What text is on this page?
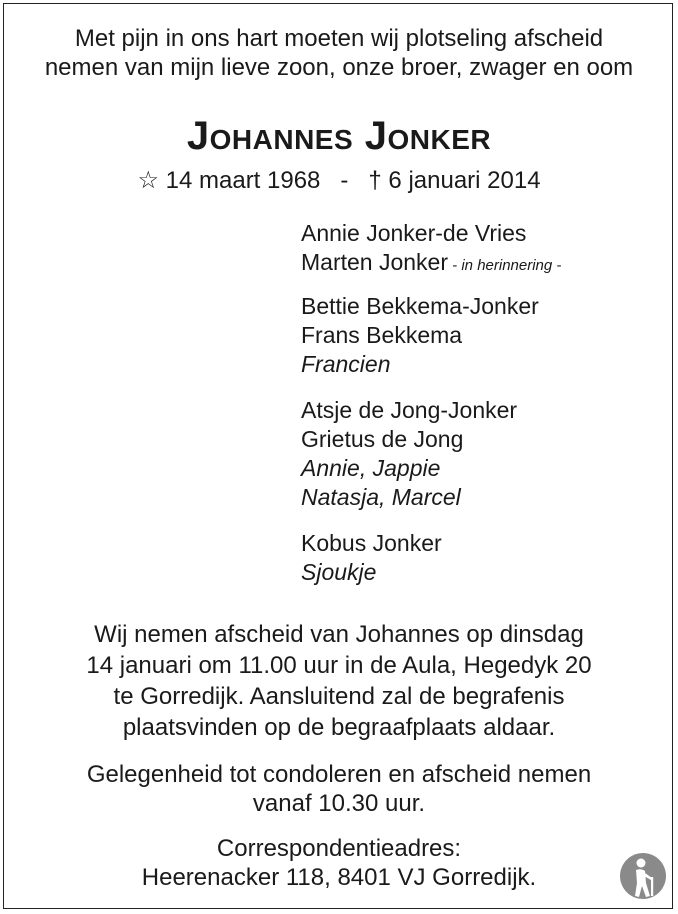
Met pijn in ons hart moeten wij plotseling afscheid
nemen van mijn lieve zoon, onze broer, zwager en oom
Johannes Jonker
☆ 14 maart 1968   -   † 6 januari 2014
Annie Jonker-de Vries
Marten Jonker - in herinnering -
Bettie Bekkema-Jonker
Frans Bekkema
Francien
Atsje de Jong-Jonker
Grietus de Jong
Annie, Jappie
Natasja, Marcel
Kobus Jonker
Sjoukje
Wij nemen afscheid van Johannes op dinsdag
14 januari om 11.00 uur in de Aula, Hegedyk 20
te Gorredijk. Aansluitend zal de begrafenis
plaatsvinden op de begraafplaats aldaar.
Gelegenheid tot condoleren en afscheid nemen
vanaf 10.30 uur.
Correspondentieadres:
Heerenacker 118, 8401 VJ Gorredijk.
